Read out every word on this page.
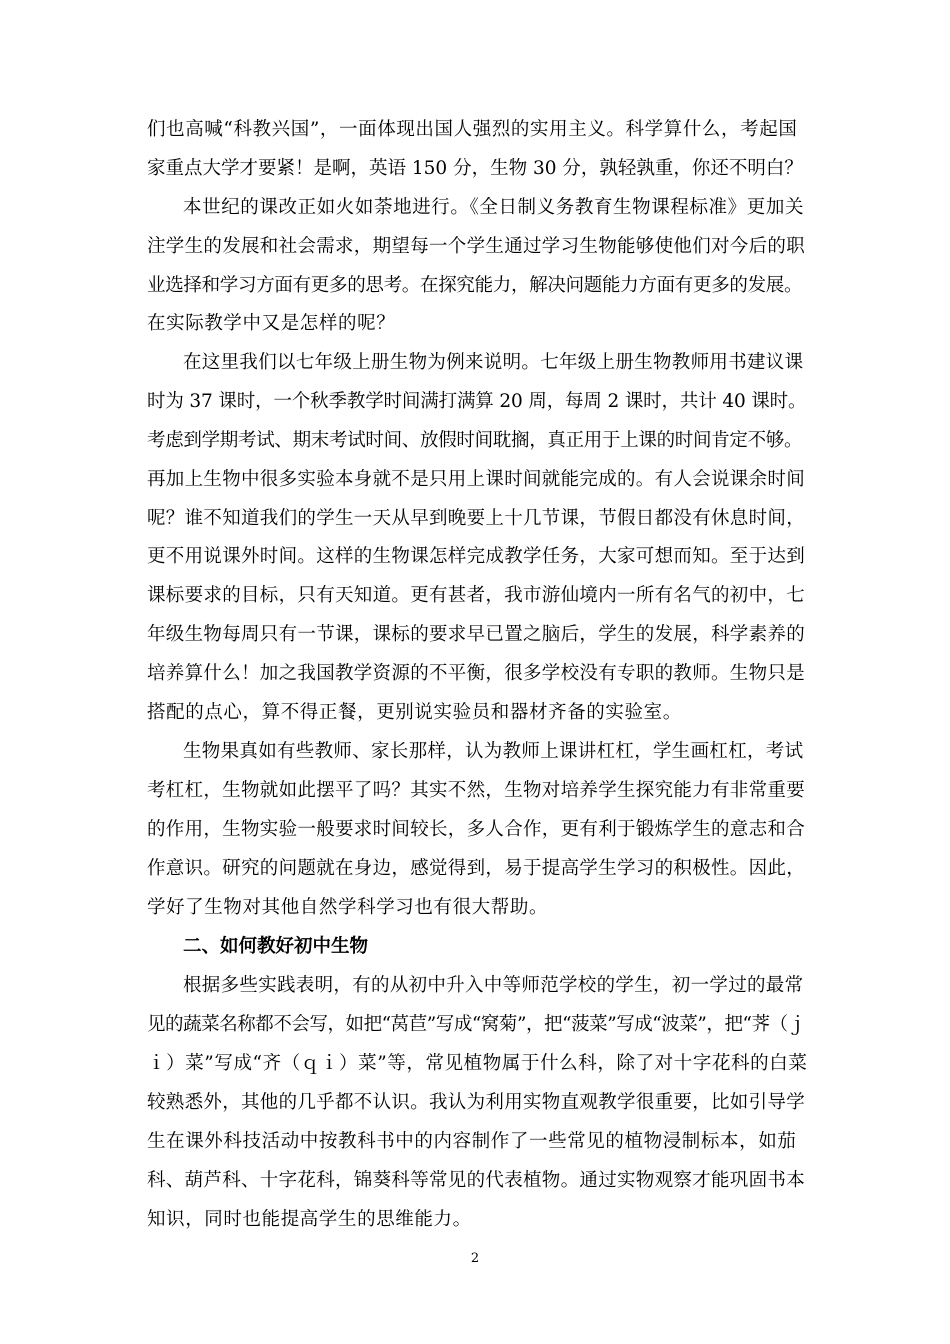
们也高喊“科教兴国”，一面体现出国人强烈的实用主义。科学算什么，考起国
家重点大学才要紧！是啊，英语 150 分，生物 30 分，孰轻孰重，你还不明白？
本世纪的课改正如火如荼地进行。《全日制义务教育生物课程标准》更加关
注学生的发展和社会需求，期望每一个学生通过学习生物能够使他们对今后的职
业选择和学习方面有更多的思考。在探究能力，解决问题能力方面有更多的发展。
在实际教学中又是怎样的呢？
在这里我们以七年级上册生物为例来说明。七年级上册生物教师用书建议课
时为 37 课时，一个秋季教学时间满打满算 20 周，每周 2 课时，共计 40 课时。
考虑到学期考试、期末考试时间、放假时间耽搁，真正用于上课的时间肯定不够。
再加上生物中很多实验本身就不是只用上课时间就能完成的。有人会说课余时间
呢？谁不知道我们的学生一天从早到晚要上十几节课，节假日都没有休息时间，
更不用说课外时间。这样的生物课怎样完成教学任务，大家可想而知。至于达到
课标要求的目标，只有天知道。更有甚者，我市游仙境内一所有名气的初中，七
年级生物每周只有一节课，课标的要求早已置之脑后，学生的发展，科学素养的
培养算什么！加之我国教学资源的不平衡，很多学校没有专职的教师。生物只是
搭配的点心，算不得正餐，更别说实验员和器材齐备的实验室。
生物果真如有些教师、家长那样，认为教师上课讲杠杠，学生画杠杠，考试
考杠杠，生物就如此摆平了吗？其实不然，生物对培养学生探究能力有非常重要
的作用，生物实验一般要求时间较长，多人合作，更有利于锻炼学生的意志和合
作意识。研究的问题就在身边，感觉得到，易于提高学生学习的积极性。因此，
学好了生物对其他自然学科学习也有很大帮助。
二、如何教好初中生物
根据多些实践表明，有的从初中升入中等师范学校的学生，初一学过的最常
见的蔬菜名称都不会写，如把“莴苣”写成“窝菊”，把“菠菜”写成“波菜”，把“荠（ｊ
ｉ）菜”写成“齐（ｑｉ）菜”等，常见植物属于什么科，除了对十字花科的白菜
较熟悉外，其他的几乎都不认识。我认为利用实物直观教学很重要，比如引导学
生在课外科技活动中按教科书中的内容制作了一些常见的植物浸制标本，如茄
科、葫芦科、十字花科，锦葵科等常见的代表植物。通过实物观察才能巩固书本
知识，同时也能提高学生的思维能力。
2
